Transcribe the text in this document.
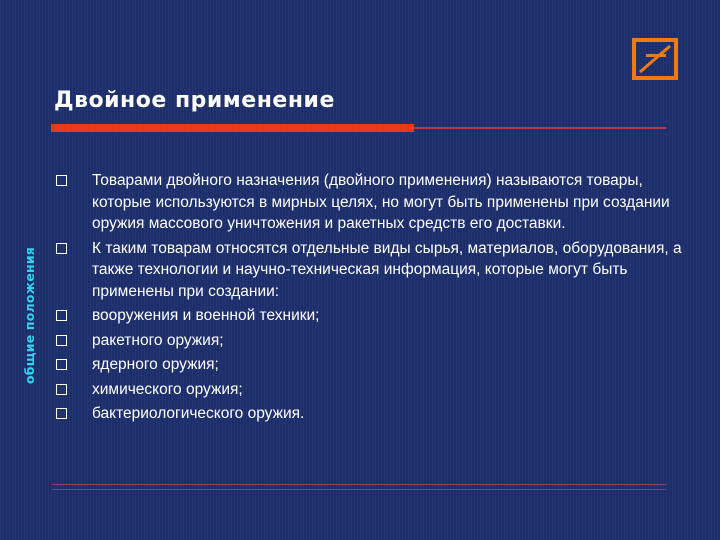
Двойное применение
общие положения
Товарами двойного назначения (двойного применения) называются товары, которые используются в мирных целях, но могут быть применены при создании оружия массового уничтожения и ракетных средств его доставки.
К таким товарам относятся отдельные виды сырья, материалов, оборудования, а также технологии и научно-техническая информация, которые могут быть применены при создании:
вооружения и военной техники;
ракетного оружия;
ядерного оружия;
химического оружия;
бактериологического оружия.
